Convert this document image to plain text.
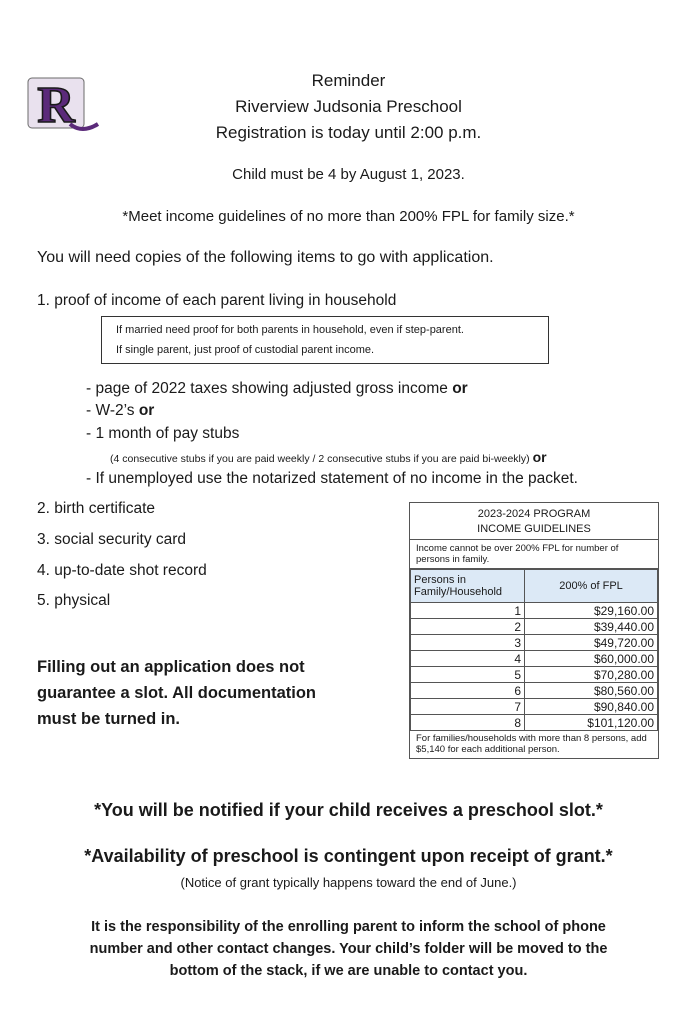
R	Reminder
Riverview Judsonia Preschool
Registration is today until 2:00 p.m.
Child must be 4 by August 1, 2023.
*Meet income guidelines of no more than 200% FPL for family size.*
You will need copies of the following items to go with application.
1. proof of income of each parent living in household
If married need proof for both parents in household, even if step-parent.
If single parent, just proof of custodial parent income.
- page of 2022 taxes showing adjusted gross income or
- W-2’s or
- 1 month of pay stubs
(4 consecutive stubs if you are paid weekly / 2 consecutive stubs if you are paid bi-weekly) or
- If unemployed use the notarized statement of no income in the packet.
2. birth certificate
3. social security card
4. up-to-date shot record
5. physical
Filling out an application does not
guarantee a slot. All documentation
must be turned in.
2023-2024 PROGRAM
INCOME GUIDELINES
Income cannot be over 200% FPL for number of persons in family.
Persons in Family/Household	200% of FPL
1	$29,160.00
2	$39,440.00
3	$49,720.00
4	$60,000.00
5	$70,280.00
6	$80,560.00
7	$90,840.00
8	$101,120.00
For families/households with more than 8 persons, add $5,140 for each additional person.
*You will be notified if your child receives a preschool slot.*
*Availability of preschool is contingent upon receipt of grant.*
(Notice of grant typically happens toward the end of June.)
It is the responsibility of the enrolling parent to inform the school of phone
number and other contact changes. Your child’s folder will be moved to the
bottom of the stack, if we are unable to contact you.
